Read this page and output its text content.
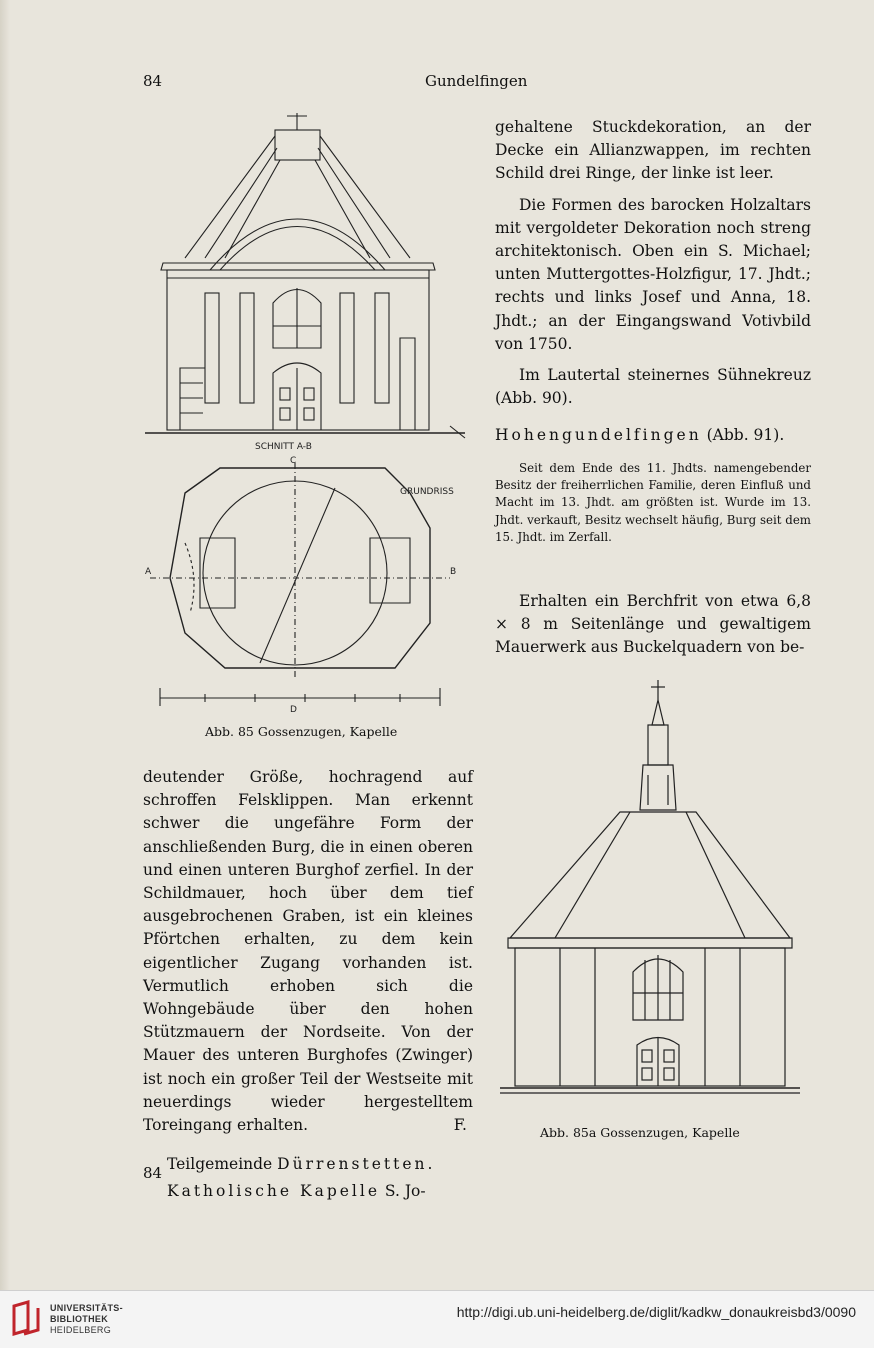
84	Gundelfingen
SCHNITT A-B
GRUNDRISS
C
D
A	B
Abb. 85 Gossenzugen, Kapelle

gehaltene Stuckdekoration, an der Decke ein Allianzwappen, im rechten Schild drei Ringe, der linke ist leer.

Die Formen des barocken Holzaltars mit vergoldeter Dekoration noch streng architektonisch. Oben ein S. Michael; unten Muttergottes-Holzfigur, 17. Jhdt.; rechts und links Josef und Anna, 18. Jhdt.; an der Eingangswand Votivbild von 1750.

Im Lautertal steinernes Sühnekreuz (Abb. 90).

Hohengundelfingen (Abb. 91).

Seit dem Ende des 11. Jhdts. namengebender Besitz der freiherrlichen Familie, deren Einfluß und Macht im 13. Jhdt. am größten ist. Wurde im 13. Jhdt. verkauft, Besitz wechselt häufig, Burg seit dem 15. Jhdt. im Zerfall.
Erhalten ein Berchfrit von etwa 6,8 × 8 m Seitenlänge und gewaltigem Mauerwerk aus Buckelquadern von be-
Abb. 85a Gossenzugen, Kapelle

deutender Größe, hochragend auf schroffen Felsklippen. Man erkennt schwer die ungefähre Form der anschließenden Burg, die in einen oberen und einen unteren Burghof zerfiel. In der Schildmauer, hoch über dem tief ausgebrochenen Graben, ist ein kleines Pförtchen erhalten, zu dem kein eigentlicher Zugang vorhanden ist. Vermutlich erhoben sich die Wohngebäude über den hohen Stützmauern der Nordseite. Von der Mauer des unteren Burghofes (Zwinger) ist noch ein großer Teil der Westseite mit neuerdings wieder hergestelltem Toreingang erhalten.	F.

Teilgemeinde Dürrenstetten.

Katholische Kapelle S. Jo-

84
UNIVERSITÄTS-
BIBLIOTHEK
HEIDELBERG
http://digi.ub.uni-heidelberg.de/diglit/kadkw_donaukreisbd3/0090
